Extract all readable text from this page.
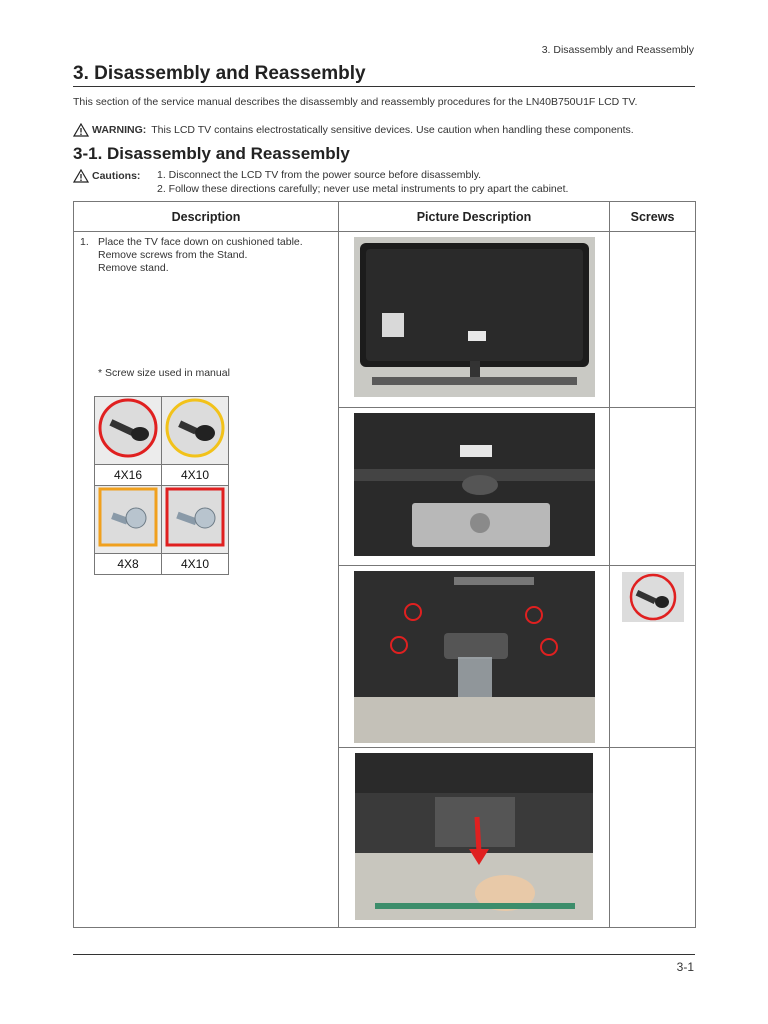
3. Disassembly and Reassembly
3. Disassembly and Reassembly
This section of the service manual describes the disassembly and reassembly procedures for the LN40B750U1F LCD TV.
WARNING: This LCD TV contains electrostatically sensitive devices. Use caution when handling these components.
3-1. Disassembly and Reassembly
Cautions: 1. Disconnect the LCD TV from the power source before disassembly.
2. Follow these directions carefully; never use metal instruments to pry apart the cabinet.
Description	Picture Description	Screws

1. Place the TV face down on cushioned table.
Remove screws from the Stand.
Remove stand.
* Screw size used in manual

4X16	4X10

4X8	4X10

3-1
